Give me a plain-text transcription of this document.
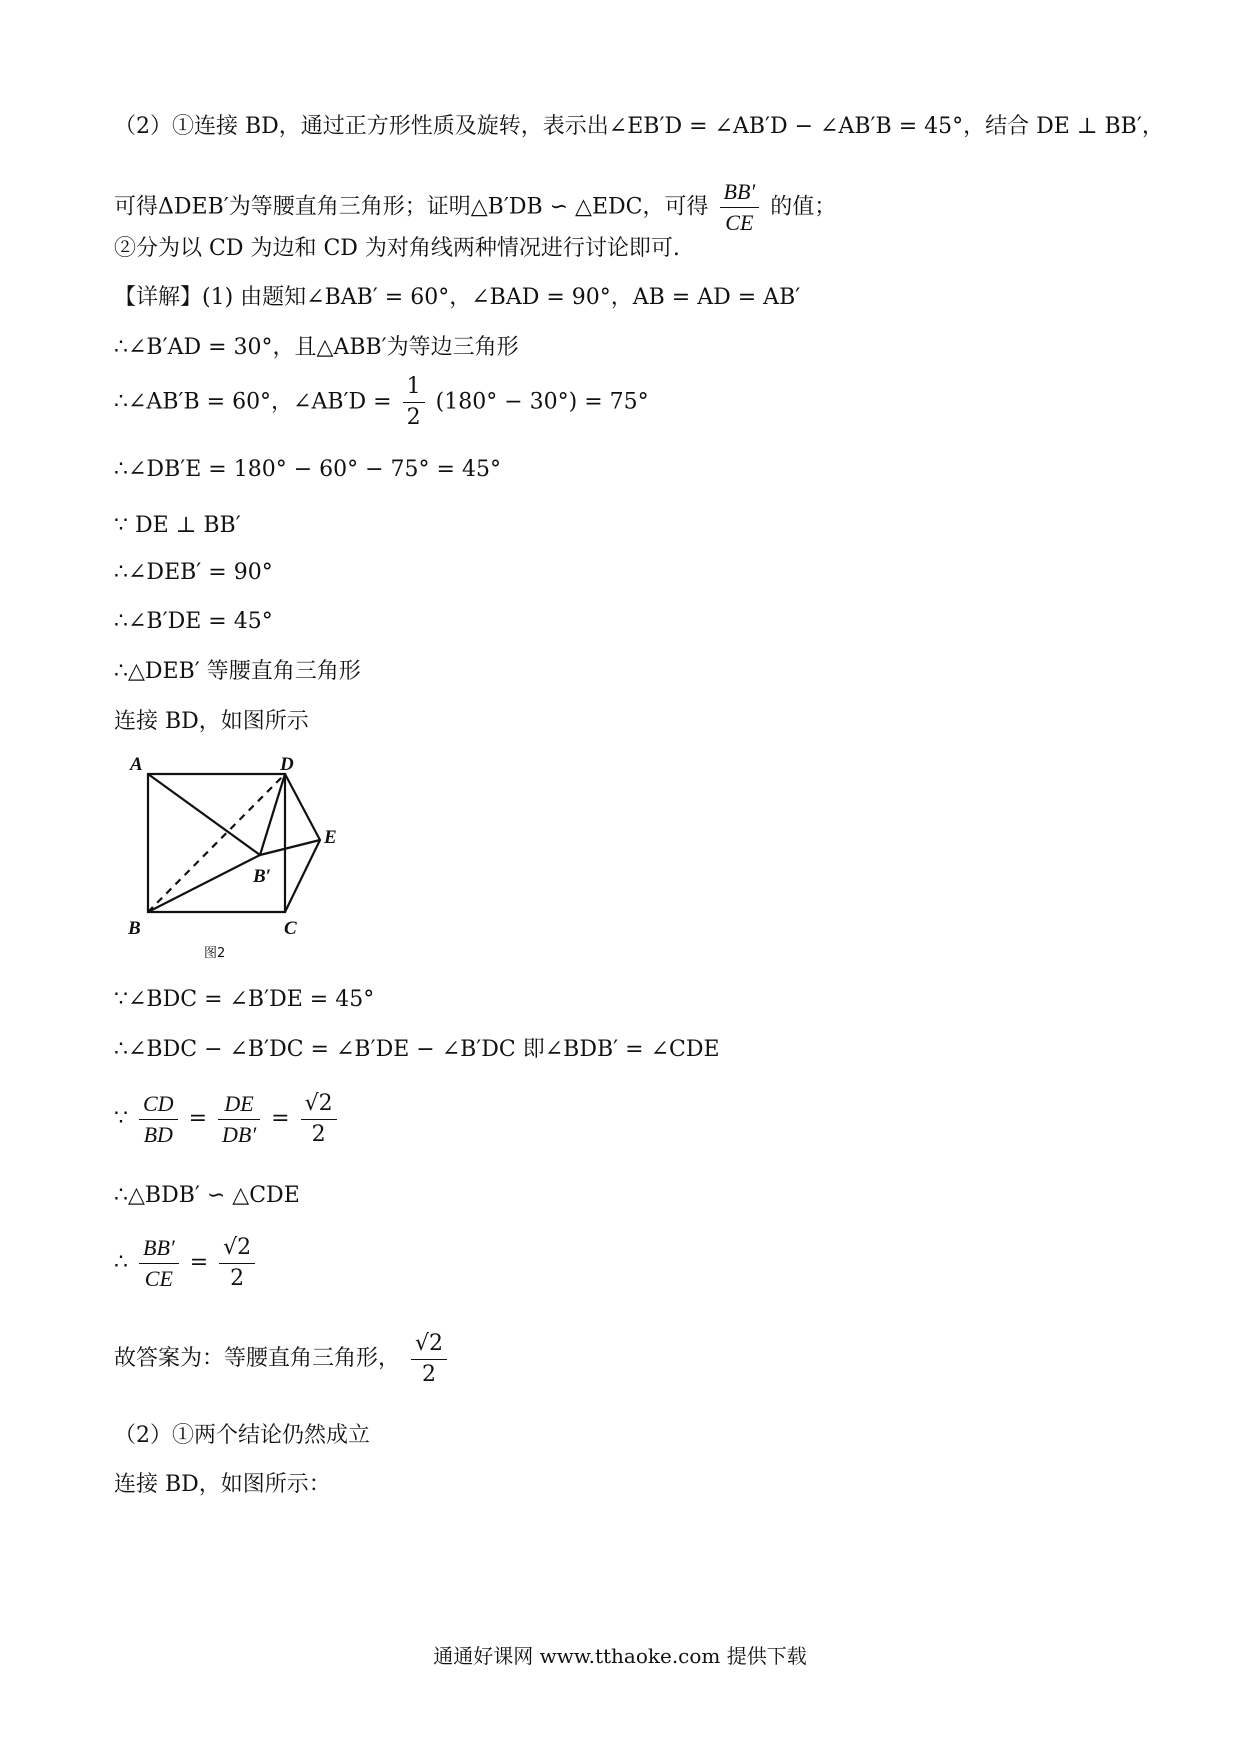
（2）①连接 BD，通过正方形性质及旋转，表示出∠EB′D = ∠AB′D − ∠AB′B = 45°，结合 DE ⊥ BB′，
可得ΔDEB′为等腰直角三角形；证明△B′DB ∽ △EDC，可得 $\frac{BB'}{CE}$ 的值；
②分为以 CD 为边和 CD 为对角线两种情况进行讨论即可.
【详解】(1) 由题知∠BAB′ = 60°，∠BAD = 90°，AB = AD = AB′
∴∠B′AD = 30°，且△ABB′为等边三角形
∴∠AB′B = 60°，∠AB′D = $\frac{1}{2} (180^\circ - 30^\circ) = 75^\circ$
∴∠DB′E = 180° − 60° − 75° = 45°
∵ DE ⊥ BB′
∴∠DEB′ = 90°
∴∠B′DE = 45°
∴△DEB′ 等腰直角三角形
连接 BD，如图所示
A	D
E
B′
B	C
图2
∵∠BDC = ∠B′DE = 45°
∴∠BDC − ∠B′DC = ∠B′DE − ∠B′DC 即∠BDB′ = ∠CDE
∵ $\frac{CD}{BD} = \frac{DE}{DB'} = \frac{√2}{2}$
∴△BDB′ ∽ △CDE
∴ $\frac{BB'}{CE} = \frac{√2}{2}$
故答案为：等腰直角三角形， $\frac{√2}{2}$
（2）①两个结论仍然成立
连接 BD，如图所示：
通通好课网 www.tthaoke.com 提供下载
